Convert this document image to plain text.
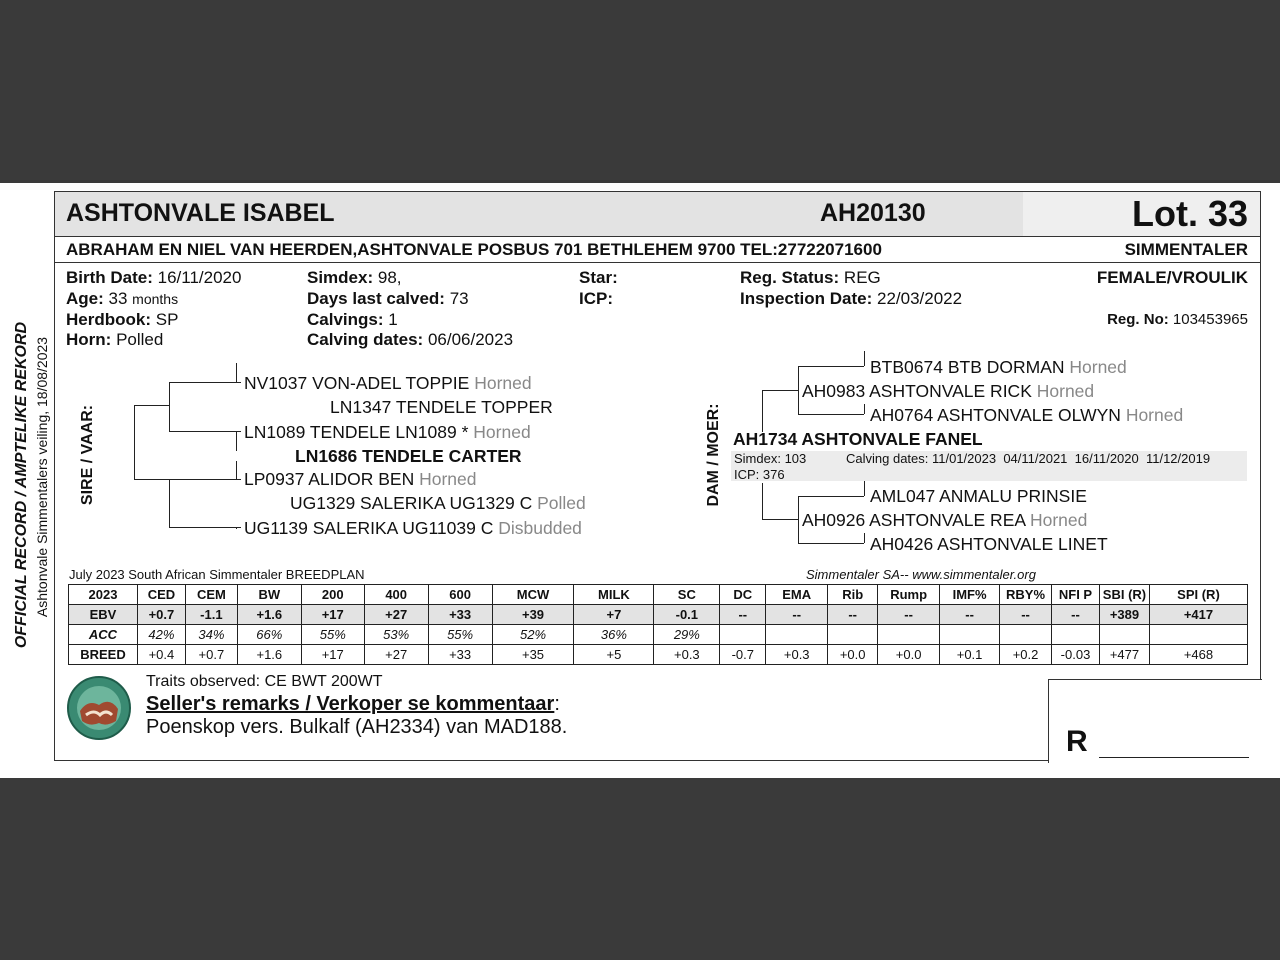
ASHTONVALE ISABEL	AH20130	Lot. 33
ABRAHAM EN NIEL VAN HEERDEN,ASHTONVALE POSBUS 701 BETHLEHEM 9700 TEL:27722071600	SIMMENTALER
Birth Date: 16/11/2020
Age: 33 months
Herdbook: SP
Horn: Polled
Simdex: 98,
Days last calved: 73
Calvings: 1
Calving dates: 06/06/2023
Star:
ICP:
Reg. Status: REG
Inspection Date: 22/03/2022
FEMALE/VROULIK
Reg. No: 103453965
OFFICIAL RECORD / AMPTELIKE REKORD Ashtonvale Simmentalers veiling, 18/08/2023 SIRE / VAAR:	DAM / MOER:
NV1037 VON-ADEL TOPPIE Horned
LN1347 TENDELE TOPPER
LN1089 TENDELE LN1089 * Horned
LN1686 TENDELE CARTER
LP0937 ALIDOR BEN Horned
UG1329 SALERIKA UG1329 C Polled
UG1139 SALERIKA UG11039 C Disbudded
BTB0674 BTB DORMAN Horned
AH0983 ASHTONVALE RICK Horned
AH0764 ASHTONVALE OLWYN Horned
AH1734 ASHTONVALE FANEL
Simdex: 103	Calving dates: 11/01/2023  04/11/2021  16/11/2020  11/12/2019
ICP: 376
AML047 ANMALU PRINSIE
AH0926 ASHTONVALE REA Horned
AH0426 ASHTONVALE LINET
July 2023 South African Simmentaler BREEDPLAN	Simmentaler SA-- www.simmentaler.org
2023	CED	CEM	BW	200	400	600	MCW	MILK	SC	DC	EMA	Rib	Rump	IMF%	RBY%	NFI P	SBI (R)	SPI (R)
EBV	+0.7	-1.1	+1.6	+17	+27	+33	+39	+7	-0.1	--	--	--	--	--	--	--	+389	+417
ACC	42%	34%	66%	55%	53%	55%	52%	36%	29%									
BREED	+0.4	+0.7	+1.6	+17	+27	+33	+35	+5	+0.3	-0.7	+0.3	+0.0	+0.0	+0.1	+0.2	-0.03	+477	+468
Traits observed: CE BWT 200WT
Seller's remarks / Verkoper se kommentaar:
Poenskop vers. Bulkalf (AH2334) van MAD188.	R
